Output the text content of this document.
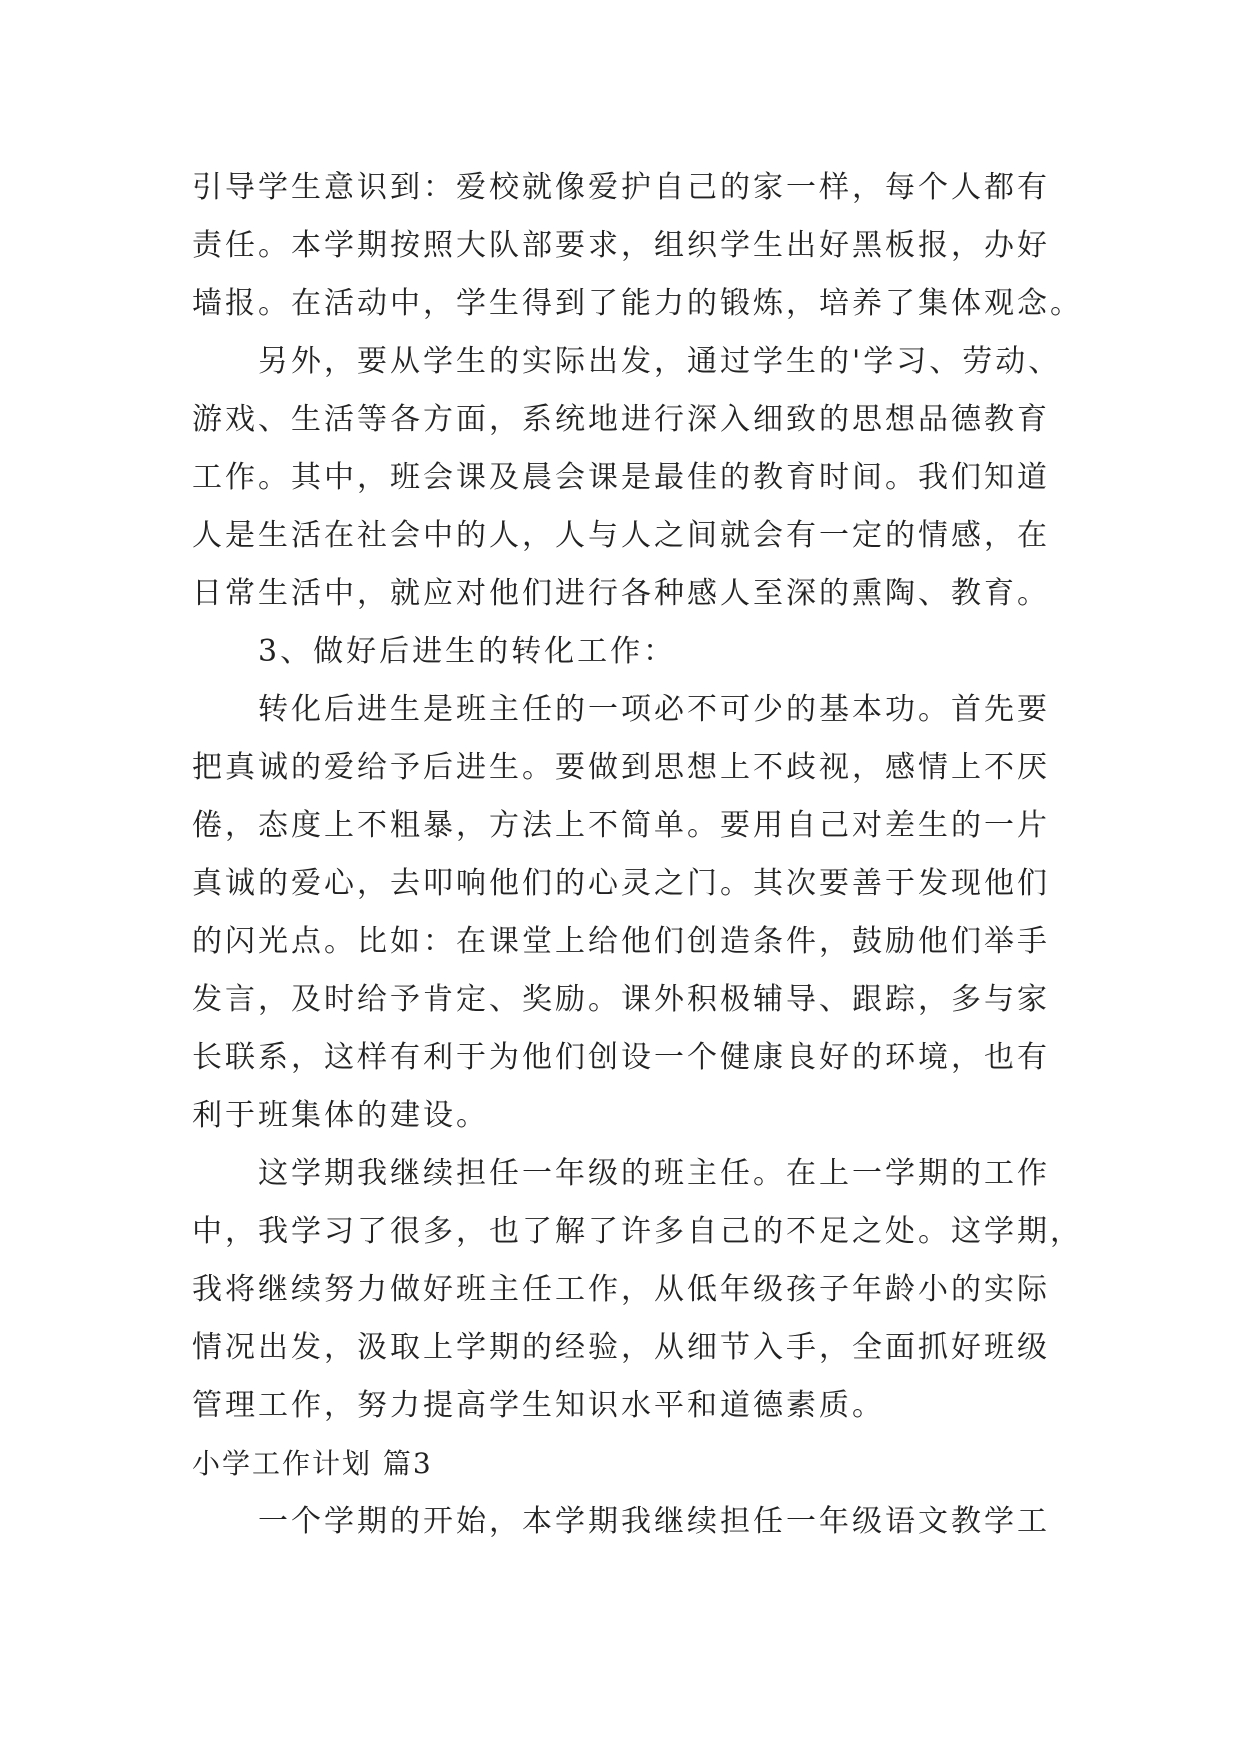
引导学生意识到：爱校就像爱护自己的家一样，每个人都有
责任。本学期按照大队部要求，组织学生出好黑板报，办好
墙报。在活动中，学生得到了能力的锻炼，培养了集体观念。
另外，要从学生的实际出发，通过学生的'学习、劳动、
游戏、生活等各方面，系统地进行深入细致的思想品德教育
工作。其中，班会课及晨会课是最佳的教育时间。我们知道
人是生活在社会中的人，人与人之间就会有一定的情感，在
日常生活中，就应对他们进行各种感人至深的熏陶、教育。
3、做好后进生的转化工作：
转化后进生是班主任的一项必不可少的基本功。首先要
把真诚的爱给予后进生。要做到思想上不歧视，感情上不厌
倦，态度上不粗暴，方法上不简单。要用自己对差生的一片
真诚的爱心，去叩响他们的心灵之门。其次要善于发现他们
的闪光点。比如：在课堂上给他们创造条件，鼓励他们举手
发言，及时给予肯定、奖励。课外积极辅导、跟踪，多与家
长联系，这样有利于为他们创设一个健康良好的环境，也有
利于班集体的建设。
这学期我继续担任一年级的班主任。在上一学期的工作
中，我学习了很多，也了解了许多自己的不足之处。这学期，
我将继续努力做好班主任工作，从低年级孩子年龄小的实际
情况出发，汲取上学期的经验，从细节入手，全面抓好班级
管理工作，努力提高学生知识水平和道德素质。
小学工作计划 篇3
一个学期的开始，本学期我继续担任一年级语文教学工
